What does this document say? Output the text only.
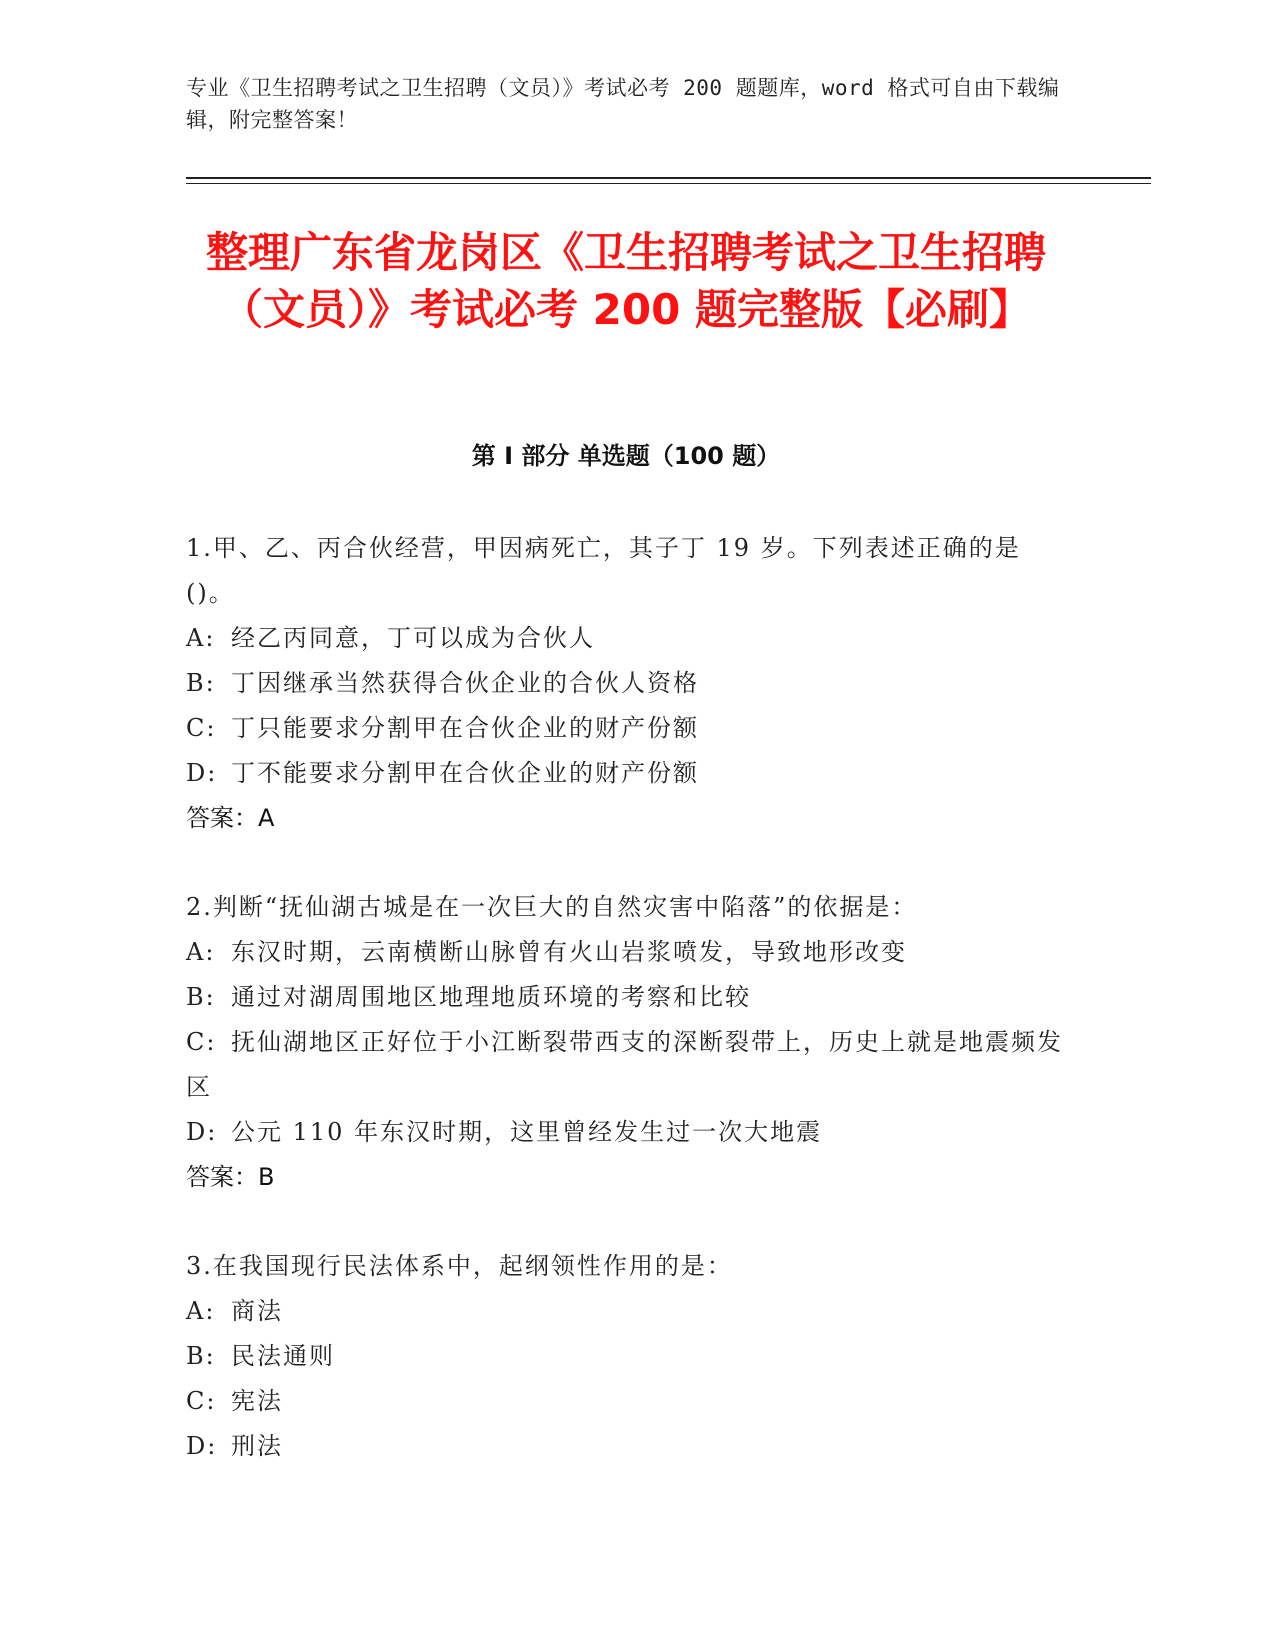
专业《卫生招聘考试之卫生招聘（文员）》考试必考 200 题题库，word 格式可自由下载编辑，附完整答案！
整理广东省龙岗区《卫生招聘考试之卫生招聘（文员）》考试必考 200 题完整版【必刷】
第 I 部分 单选题（100 题）

1.甲、乙、丙合伙经营，甲因病死亡，其子丁 19 岁。下列表述正确的是()。

A: 经乙丙同意，丁可以成为合伙人

B: 丁因继承当然获得合伙企业的合伙人资格

C: 丁只能要求分割甲在合伙企业的财产份额

D: 丁不能要求分割甲在合伙企业的财产份额

答案：A

2.判断“抚仙湖古城是在一次巨大的自然灾害中陷落”的依据是：

A: 东汉时期，云南横断山脉曾有火山岩浆喷发，导致地形改变

B: 通过对湖周围地区地理地质环境的考察和比较

C: 抚仙湖地区正好位于小江断裂带西支的深断裂带上，历史上就是地震频发区

D: 公元 110 年东汉时期，这里曾经发生过一次大地震

答案：B

3.在我国现行民法体系中，起纲领性作用的是：

A: 商法

B: 民法通则

C: 宪法

D: 刑法
